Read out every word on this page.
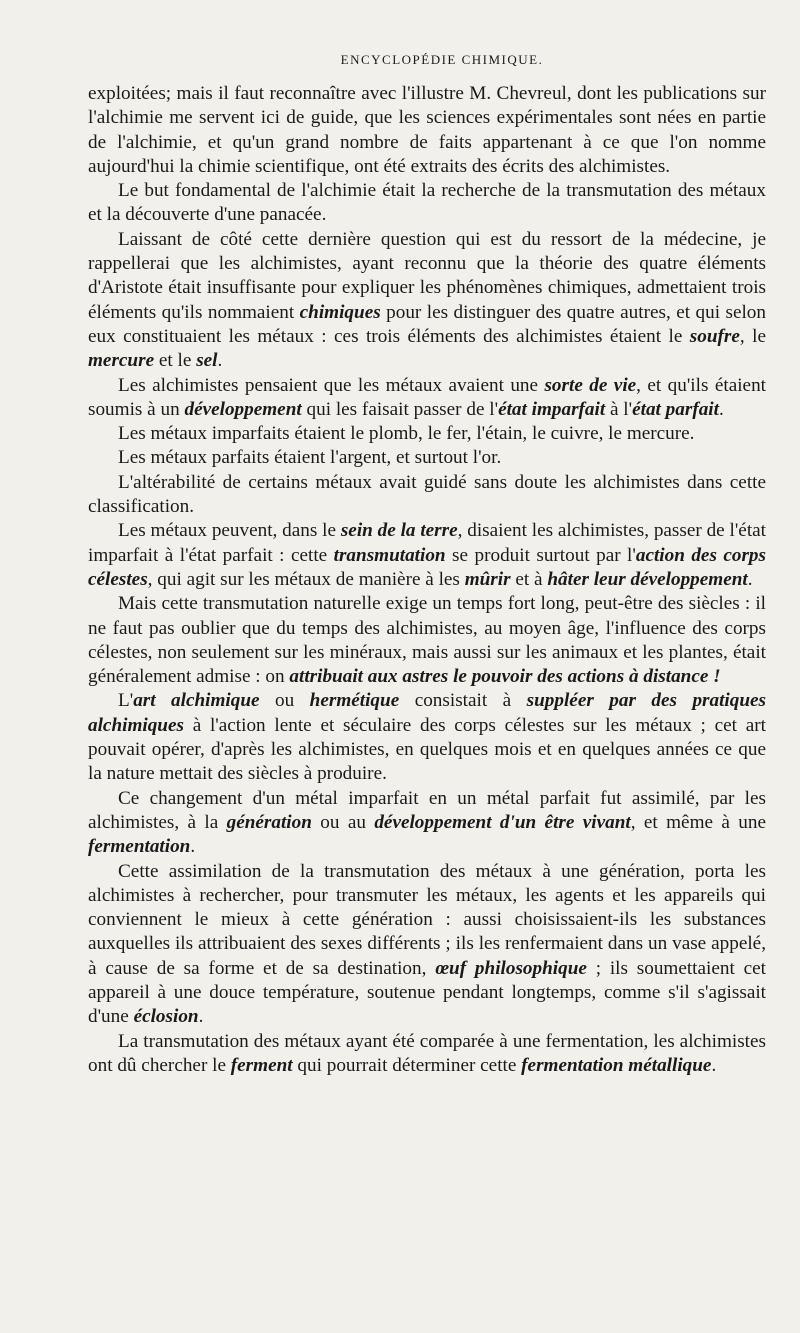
ENCYCLOPÉDIE CHIMIQUE.

exploitées; mais il faut reconnaître avec l'illustre M. Chevreul, dont les publications sur l'alchimie me servent ici de guide, que les sciences expérimentales sont nées en partie de l'alchimie, et qu'un grand nombre de faits appartenant à ce que l'on nomme aujourd'hui la chimie scientifique, ont été extraits des écrits des alchimistes.

Le but fondamental de l'alchimie était la recherche de la transmutation des métaux et la découverte d'une panacée.

Laissant de côté cette dernière question qui est du ressort de la médecine, je rappellerai que les alchimistes, ayant reconnu que la théorie des quatre éléments d'Aristote était insuffisante pour expliquer les phénomènes chimiques, admettaient trois éléments qu'ils nommaient chimiques pour les distinguer des quatre autres, et qui selon eux constituaient les métaux : ces trois éléments des alchimistes étaient le soufre, le mercure et le sel.

Les alchimistes pensaient que les métaux avaient une sorte de vie, et qu'ils étaient soumis à un développement qui les faisait passer de l'état imparfait à l'état parfait.

Les métaux imparfaits étaient le plomb, le fer, l'étain, le cuivre, le mercure.

Les métaux parfaits étaient l'argent, et surtout l'or.

L'altérabilité de certains métaux avait guidé sans doute les alchimistes dans cette classification.

Les métaux peuvent, dans le sein de la terre, disaient les alchimistes, passer de l'état imparfait à l'état parfait : cette transmutation se produit surtout par l'action des corps célestes, qui agit sur les métaux de manière à les mûrir et à hâter leur développement.

Mais cette transmutation naturelle exige un temps fort long, peut-être des siècles : il ne faut pas oublier que du temps des alchimistes, au moyen âge, l'influence des corps célestes, non seulement sur les minéraux, mais aussi sur les animaux et les plantes, était généralement admise : on attribuait aux astres le pouvoir des actions à distance !

L'art alchimique ou hermétique consistait à suppléer par des pratiques alchimiques à l'action lente et séculaire des corps célestes sur les métaux ; cet art pouvait opérer, d'après les alchimistes, en quelques mois et en quelques années ce que la nature mettait des siècles à produire.

Ce changement d'un métal imparfait en un métal parfait fut assimilé, par les alchimistes, à la génération ou au développement d'un être vivant, et même à une fermentation.

Cette assimilation de la transmutation des métaux à une génération, porta les alchimistes à rechercher, pour transmuter les métaux, les agents et les appareils qui conviennent le mieux à cette génération : aussi choisissaient-ils les substances auxquelles ils attribuaient des sexes différents ; ils les renfermaient dans un vase appelé, à cause de sa forme et de sa destination, œuf philosophique ; ils soumettaient cet appareil à une douce température, soutenue pendant longtemps, comme s'il s'agissait d'une éclosion.

La transmutation des métaux ayant été comparée à une fermentation, les alchimistes ont dû chercher le ferment qui pourrait déterminer cette fermentation métallique.
